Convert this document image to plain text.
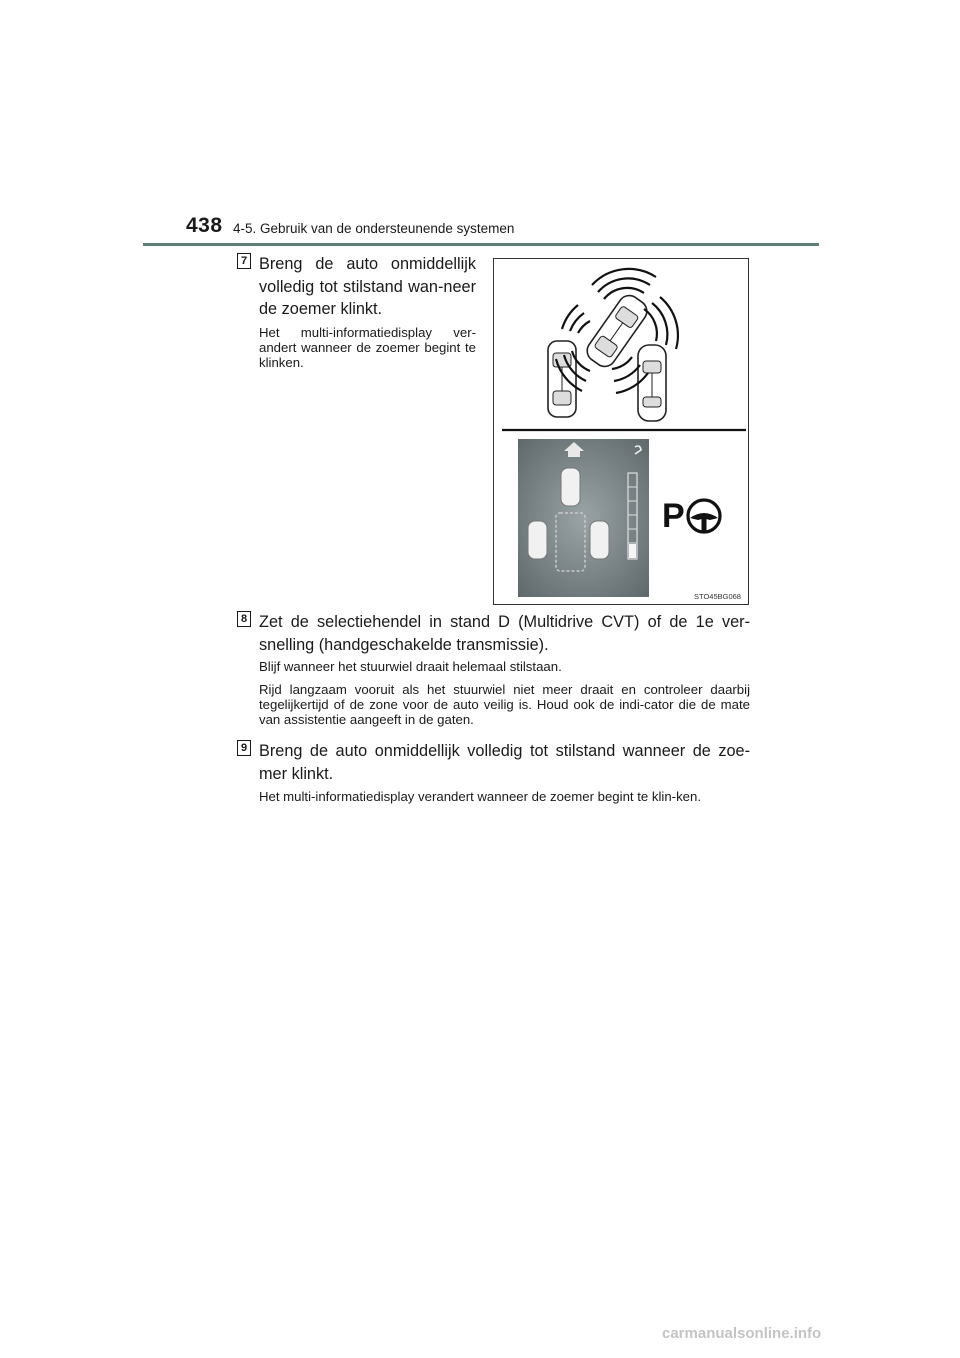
438 4-5. Gebruik van de ondersteunende systemen
7 Breng de auto onmiddellijk volledig tot stilstand wan-neer de zoemer klinkt.
Het multi-informatiedisplay ver-andert wanneer de zoemer begint te klinken.
P
STO45BG068
8 Zet de selectiehendel in stand D (Multidrive CVT) of de 1e ver-snelling (handgeschakelde transmissie).
Blijf wanneer het stuurwiel draait helemaal stilstaan.
Rijd langzaam vooruit als het stuurwiel niet meer draait en controleer daarbij tegelijkertijd of de zone voor de auto veilig is. Houd ook de indi-cator die de mate van assistentie aangeeft in de gaten.
9 Breng de auto onmiddellijk volledig tot stilstand wanneer de zoe-mer klinkt.
Het multi-informatiedisplay verandert wanneer de zoemer begint te klin-ken.
carmanualsonline.info
